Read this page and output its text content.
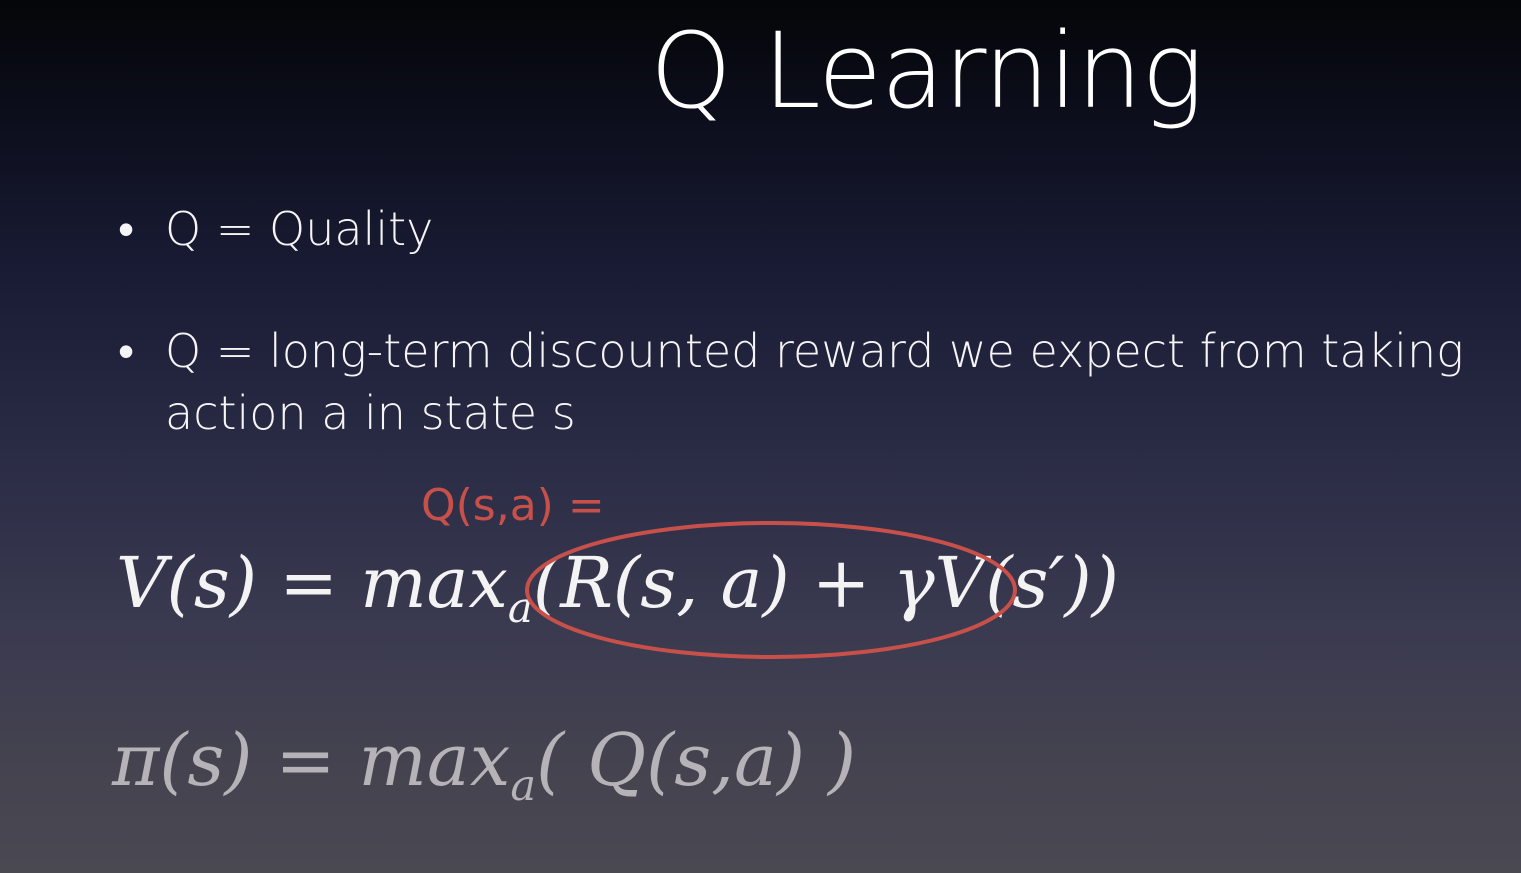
Q Learning
• Q = Quality
• Q = long-term discounted reward we expect from taking action a in state s
Q(s,a) =
$V(s) = \max_a(R(s$, a) + γV(s′))
$\pi(s) = \max_a$( Q(s,a) )
